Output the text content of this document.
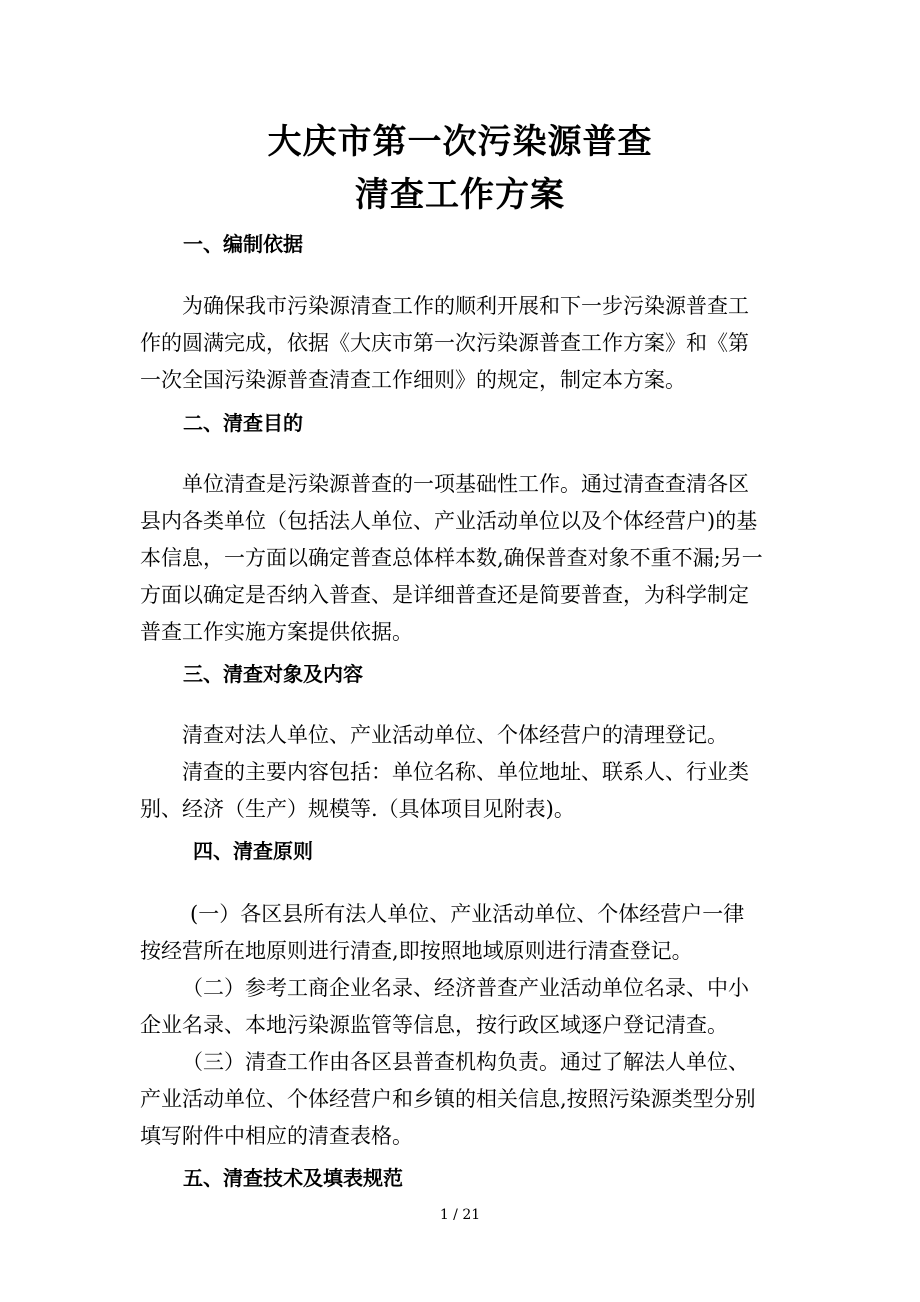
大庆市第一次污染源普查
清查工作方案
一、编制依据
为确保我市污染源清查工作的顺利开展和下一步污染源普查工
作的圆满完成，依据《大庆市第一次污染源普查工作方案》和《第
一次全国污染源普查清查工作细则》的规定，制定本方案。
二、清查目的
单位清查是污染源普查的一项基础性工作。通过清查查清各区
县内各类单位（包括法人单位、产业活动单位以及个体经营户)的基
本信息，一方面以确定普查总体样本数,确保普查对象不重不漏;另一
方面以确定是否纳入普查、是详细普查还是简要普查，为科学制定
普查工作实施方案提供依据。
三、清查对象及内容
清查对法人单位、产业活动单位、个体经营户的清理登记。
清查的主要内容包括：单位名称、单位地址、联系人、行业类
别、经济（生产）规模等.（具体项目见附表)。
四、清查原则
(一）各区县所有法人单位、产业活动单位、个体经营户一律
按经营所在地原则进行清查,即按照地域原则进行清查登记。
（二）参考工商企业名录、经济普查产业活动单位名录、中小
企业名录、本地污染源监管等信息，按行政区域逐户登记清查。
（三）清查工作由各区县普查机构负责。通过了解法人单位、
产业活动单位、个体经营户和乡镇的相关信息,按照污染源类型分别
填写附件中相应的清查表格。
五、清查技术及填表规范
1 / 21
